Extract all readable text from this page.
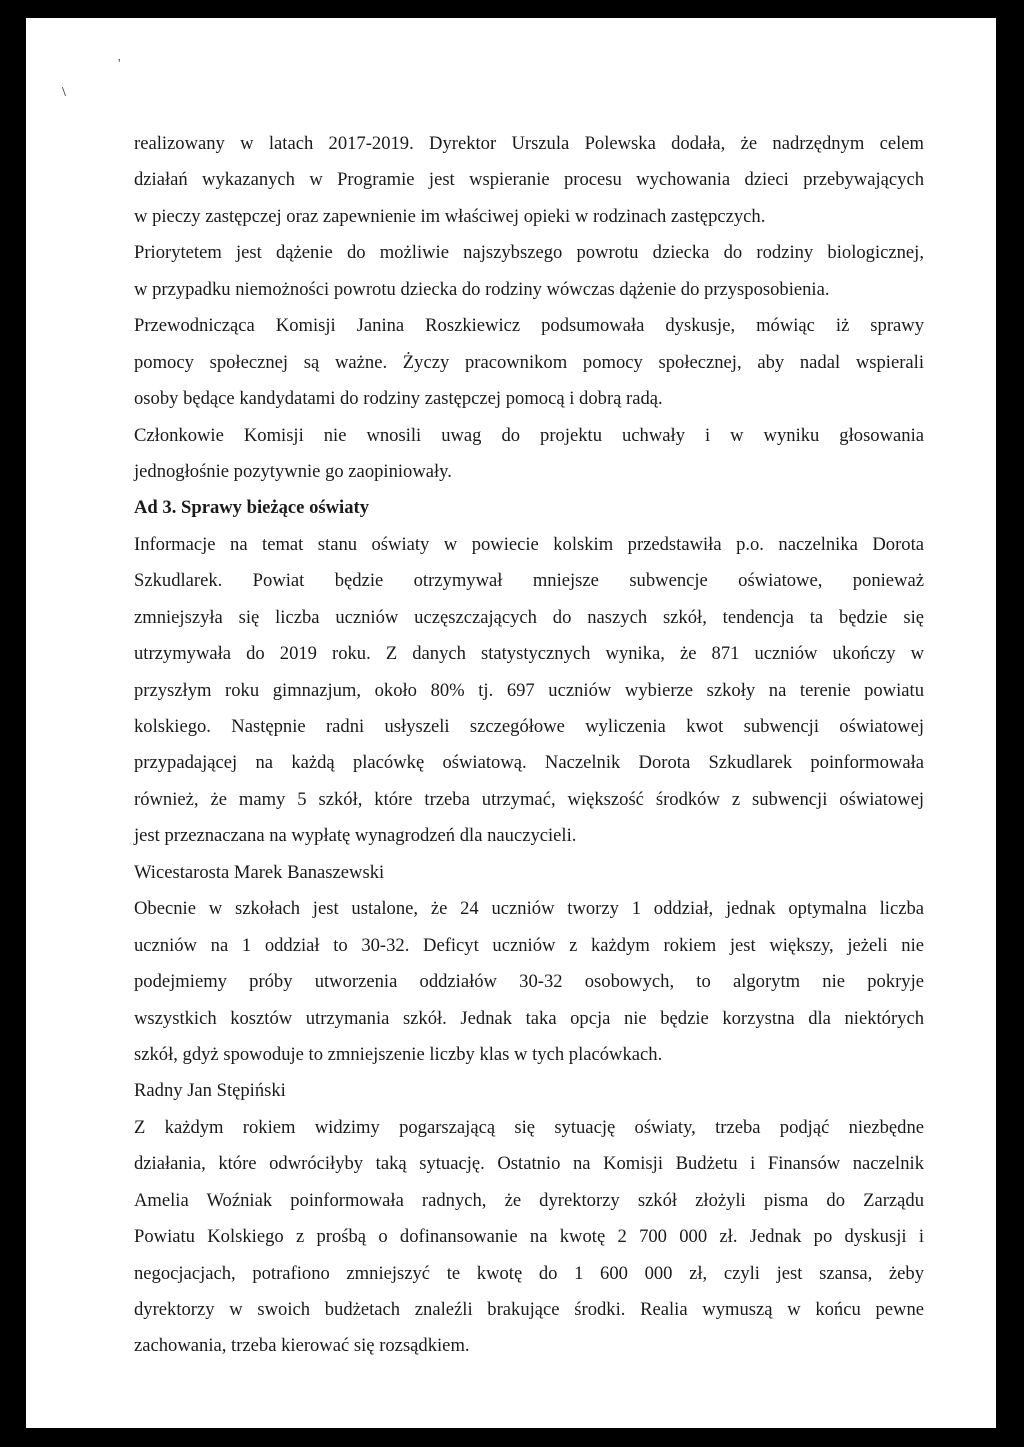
'
\
realizowany w latach 2017-2019. Dyrektor Urszula Polewska dodała, że nadrzędnym celem
działań wykazanych w Programie jest wspieranie procesu wychowania dzieci przebywających
w pieczy zastępczej oraz zapewnienie im właściwej opieki w rodzinach zastępczych.
Priorytetem jest dążenie do możliwie najszybszego powrotu dziecka do rodziny biologicznej,
w przypadku niemożności powrotu dziecka do rodziny wówczas dążenie do przysposobienia.
Przewodnicząca Komisji Janina Roszkiewicz podsumowała dyskusje, mówiąc iż sprawy
pomocy społecznej są ważne. Życzy pracownikom pomocy społecznej, aby nadal wspierali
osoby będące kandydatami do rodziny zastępczej pomocą i dobrą radą.
Członkowie Komisji nie wnosili uwag do projektu uchwały i w wyniku głosowania
jednogłośnie pozytywnie go zaopiniowały.
Ad 3. Sprawy bieżące oświaty
Informacje na temat stanu oświaty w powiecie kolskim przedstawiła p.o. naczelnika Dorota
Szkudlarek. Powiat będzie otrzymywał mniejsze subwencje oświatowe, ponieważ
zmniejszyła się liczba uczniów uczęszczających do naszych szkół, tendencja ta będzie się
utrzymywała do 2019 roku. Z danych statystycznych wynika, że 871 uczniów ukończy w
przyszłym roku gimnazjum, około 80% tj. 697 uczniów wybierze szkoły na terenie powiatu
kolskiego. Następnie radni usłyszeli szczegółowe wyliczenia kwot subwencji oświatowej
przypadającej na każdą placówkę oświatową. Naczelnik Dorota Szkudlarek poinformowała
również, że mamy 5 szkół, które trzeba utrzymać, większość środków z subwencji oświatowej
jest przeznaczana na wypłatę wynagrodzeń dla nauczycieli.
Wicestarosta Marek Banaszewski
Obecnie w szkołach jest ustalone, że 24 uczniów tworzy 1 oddział, jednak optymalna liczba
uczniów na 1 oddział to 30-32. Deficyt uczniów z każdym rokiem jest większy, jeżeli nie
podejmiemy próby utworzenia oddziałów 30-32 osobowych, to algorytm nie pokryje
wszystkich kosztów utrzymania szkół. Jednak taka opcja nie będzie korzystna dla niektórych
szkół, gdyż spowoduje to zmniejszenie liczby klas w tych placówkach.
Radny Jan Stępiński
Z każdym rokiem widzimy pogarszającą się sytuację oświaty, trzeba podjąć niezbędne
działania, które odwróciłyby taką sytuację. Ostatnio na Komisji Budżetu i Finansów naczelnik
Amelia Woźniak poinformowała radnych, że dyrektorzy szkół złożyli pisma do Zarządu
Powiatu Kolskiego z prośbą o dofinansowanie na kwotę 2 700 000 zł. Jednak po dyskusji i
negocjacjach, potrafiono zmniejszyć te kwotę do 1 600 000 zł, czyli jest szansa, żeby
dyrektorzy w swoich budżetach znaleźli brakujące środki. Realia wymuszą w końcu pewne
zachowania, trzeba kierować się rozsądkiem.
